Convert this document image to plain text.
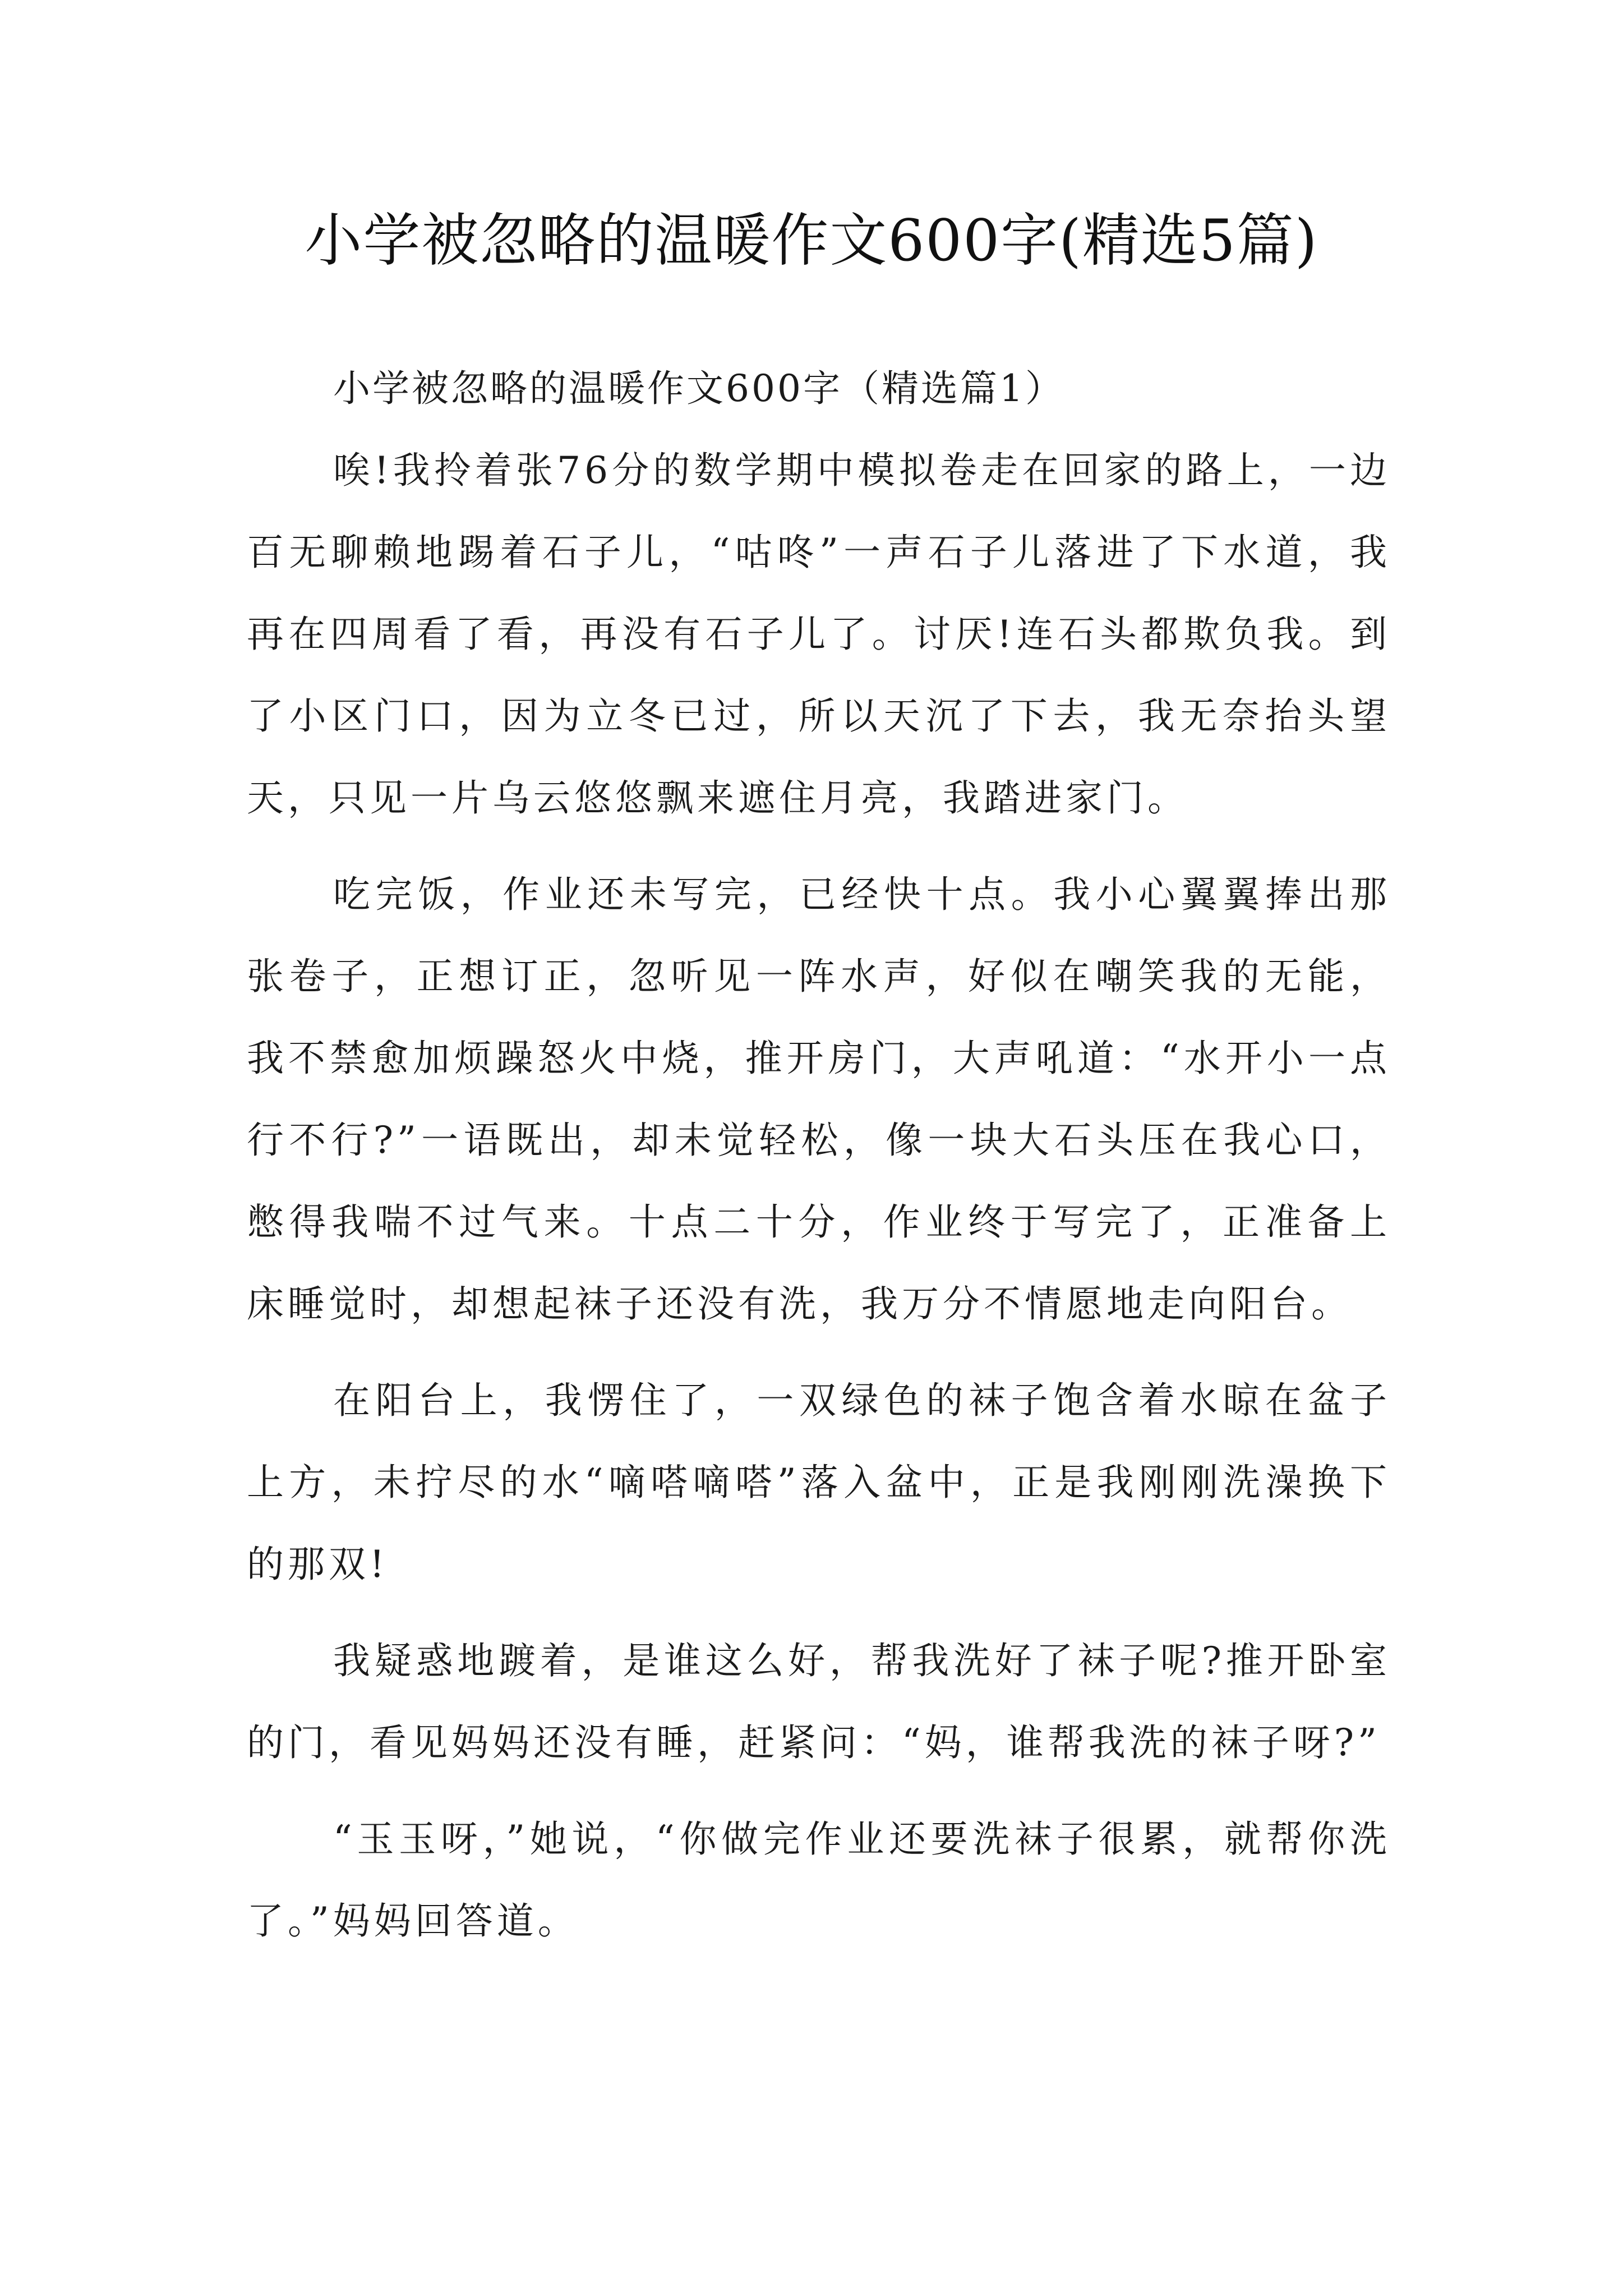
小学被忽略的温暖作文600字(精选5篇)
小学被忽略的温暖作文600字（精选篇1）

唉!我拎着张76分的数学期中模拟卷走在回家的路上，一边百无聊赖地踢着石子儿，“咕咚”一声石子儿落进了下水道，我再在四周看了看，再没有石子儿了。讨厌!连石头都欺负我。到了小区门口，因为立冬已过，所以天沉了下去，我无奈抬头望天，只见一片乌云悠悠飘来遮住月亮，我踏进家门。

吃完饭，作业还未写完，已经快十点。我小心翼翼捧出那张卷子，正想订正，忽听见一阵水声，好似在嘲笑我的无能，我不禁愈加烦躁怒火中烧，推开房门，大声吼道：“水开小一点行不行?”一语既出，却未觉轻松，像一块大石头压在我心口，憋得我喘不过气来。十点二十分，作业终于写完了，正准备上床睡觉时，却想起袜子还没有洗，我万分不情愿地走向阳台。

在阳台上，我愣住了，一双绿色的袜子饱含着水晾在盆子上方，未拧尽的水“嘀嗒嘀嗒”落入盆中，正是我刚刚洗澡换下的那双!

我疑惑地踱着，是谁这么好，帮我洗好了袜子呢?推开卧室的门，看见妈妈还没有睡，赶紧问：“妈，谁帮我洗的袜子呀?”

“玉玉呀，”她说，“你做完作业还要洗袜子很累，就帮你洗了。”妈妈回答道。
